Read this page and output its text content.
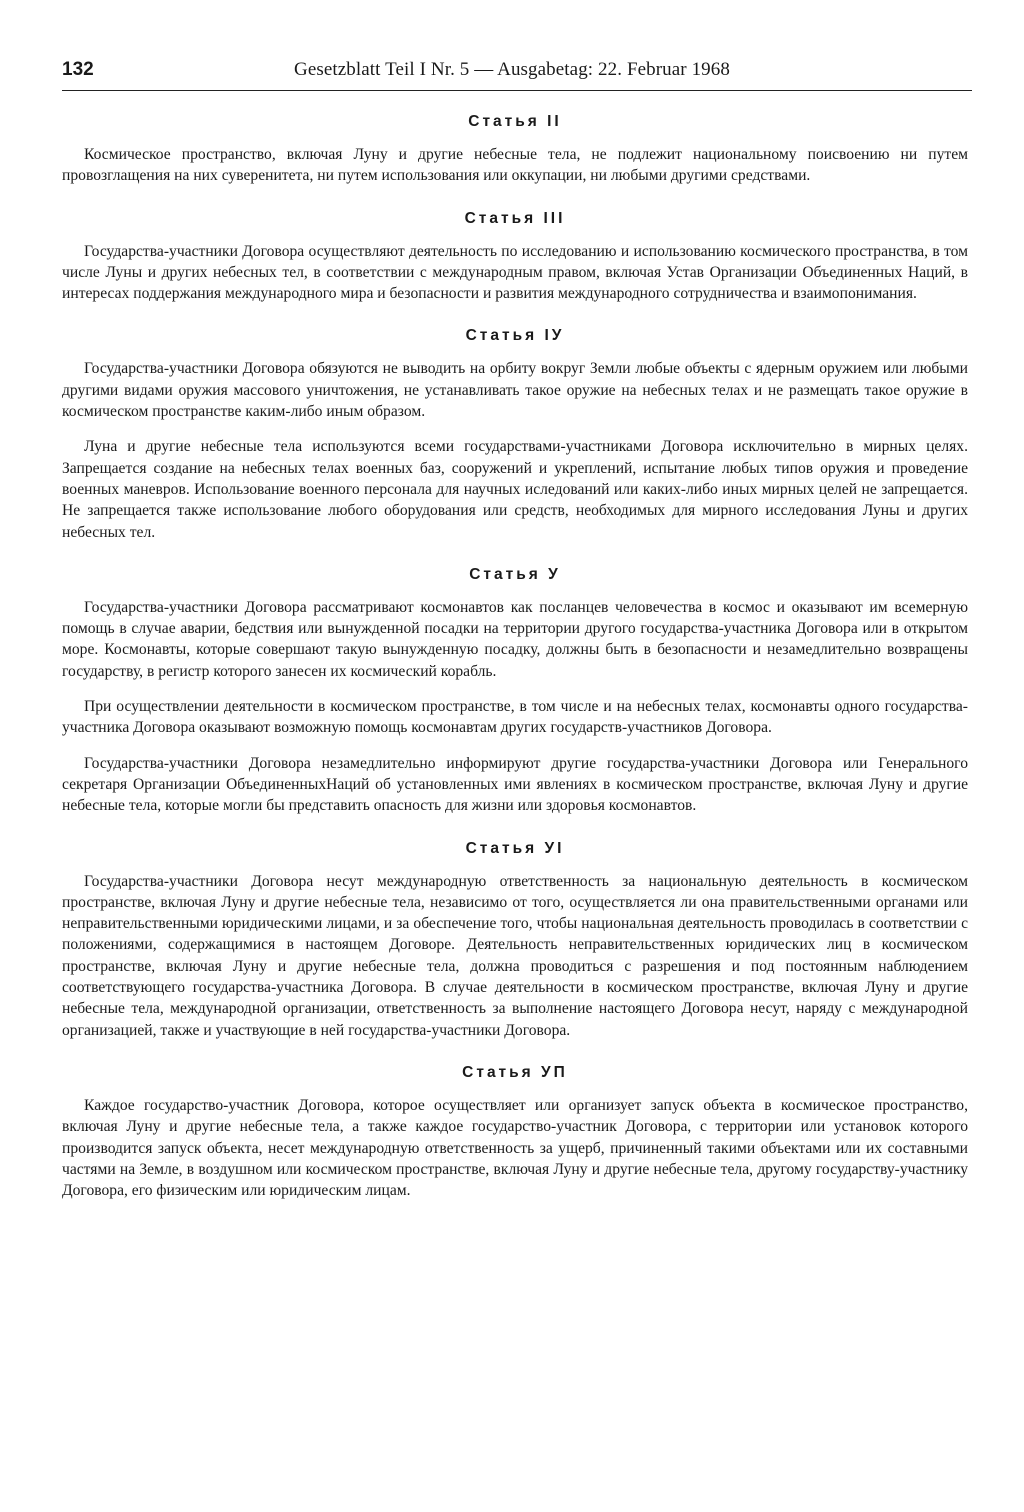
132	Gesetzblatt Teil I Nr. 5 — Ausgabetag: 22. Februar 1968
Статья II

Космическое пространство, включая Луну и другие небесные тела, не подлежит национальному поисвоению ни путем провозглащения на них суверенитета, ни путем использования или оккупации, ни любыми другими средствами.

Статья III

Государства-участники Договора осуществляют деятельность по исследованию и использованию космического пространства, в том числе Луны и других небесных тел, в соответствии с международным правом, включая Устав Организации Объединенных Наций, в интересах поддержания международного мира и безопасности и развития международного сотрудничества и взаимопонимания.

Статья IУ

Государства-участники Договора обязуются не выводить на орбиту вокруг Земли любые объекты с ядерным оружием или любыми другими видами оружия массового уничтожения, не устанавливать такое оружие на небесных телах и не размещать такое оружие в космическом пространстве каким-либо иным образом.

Луна и другие небесные тела используются всеми государствами-участниками Договора исключительно в мирных целях. Запрещается создание на небесных телах военных баз, сооружений и укреплений, испытание любых типов оружия и проведение военных маневров. Использование военного персонала для научных иследований или каких-либо иных мирных целей не запрещается. Не запрещается также использование любого оборудования или средств, необходимых для мирного исследования Луны и других небесных тел.

Статья У

Государства-участники Договора рассматривают космонавтов как посланцев человечества в космос и оказывают им всемерную помощь в случае аварии, бедствия или вынужденной посадки на территории другого государства-участника Договора или в открытом море. Космонавты, которые совершают такую вынужденную посадку, должны быть в безопасности и незамедлительно возвращены государству, в регистр которого занесен их космический корабль.

При осуществлении деятельности в космическом пространстве, в том числе и на небесных телах, космонавты одного государства-участника Договора оказывают возможную помощь космонавтам других государств-участников Договора.

Государства-участники Договора незамедлительно информируют другие государства-участники Договора или Генерального секретаря Организации ОбъединенныхНаций об установленных ими явлениях в космическом пространстве, включая Луну и другие небесные тела, которые могли бы представить опасность для жизни или здоровья космонавтов.

Статья УI

Государства-участники Договора несут международную ответственность за национальную деятельность в космическом пространстве, включая Луну и другие небесные тела, независимо от того, осуществляется ли она правительственными органами или неправительственными юридическими лицами, и за обеспечение того, чтобы национальная деятельность проводилась в соответствии с положениями, содержащимися в настоящем Договоре. Деятельность неправительственных юридических лиц в космическом пространстве, включая Луну и другие небесные тела, должна проводиться с разрешения и под постоянным наблюдением соответствующего государства-участника Договора. В случае деятельности в космическом пространстве, включая Луну и другие небесные тела, международной организации, ответственность за выполнение настоящего Договора несут, наряду с международной организацией, также и участвующие в ней государства-участники Договора.

Статья УП

Каждое государство-участник Договора, которое осуществляет или организует запуск объекта в космическое пространство, включая Луну и другие небесные тела, а также каждое государство-участник Договора, с территории или установок которого производится запуск объекта, несет международную ответственность за ущерб, причиненный такими объектами или их составными частями на Земле, в воздушном или космическом пространстве, включая Луну и другие небесные тела, другому государству-участнику Договора, его физическим или юридическим лицам.
